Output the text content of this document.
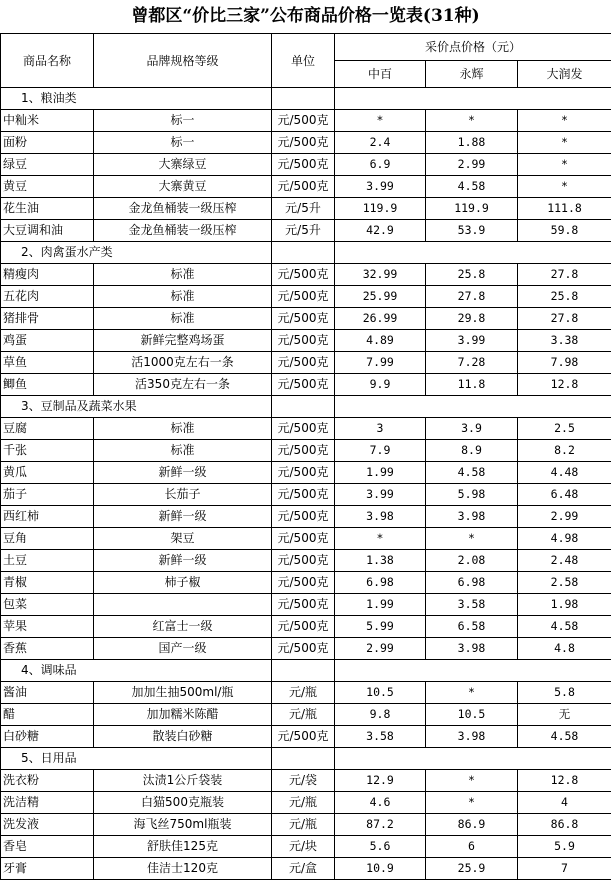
曾都区“价比三家”公布商品价格一览表(31种)
商品名称	品牌规格等级	单位	采价点价格（元）		
			中百	永辉	大润发
1、粮油类					
中籼米	标一	元/500克	*	*	*
面粉	标一	元/500克	2.4	1.88	*
绿豆	大寨绿豆	元/500克	6.9	2.99	*
黄豆	大寨黄豆	元/500克	3.99	4.58	*
花生油	金龙鱼桶装一级压榨	元/5升	119.9	119.9	111.8
大豆调和油	金龙鱼桶装一级压榨	元/5升	42.9	53.9	59.8
2、肉禽蛋水产类					
精瘦肉	标准	元/500克	32.99	25.8	27.8
五花肉	标准	元/500克	25.99	27.8	25.8
猪排骨	标准	元/500克	26.99	29.8	27.8
鸡蛋	新鲜完整鸡场蛋	元/500克	4.89	3.99	3.38
草鱼	活1000克左右一条	元/500克	7.99	7.28	7.98
鲫鱼	活350克左右一条	元/500克	9.9	11.8	12.8
3、豆制品及蔬菜水果					
豆腐	标准	元/500克	3	3.9	2.5
千张	标准	元/500克	7.9	8.9	8.2
黄瓜	新鲜一级	元/500克	1.99	4.58	4.48
茄子	长茄子	元/500克	3.99	5.98	6.48
西红柿	新鲜一级	元/500克	3.98	3.98	2.99
豆角	架豆	元/500克	*	*	4.98
土豆	新鲜一级	元/500克	1.38	2.08	2.48
青椒	柿子椒	元/500克	6.98	6.98	2.58
包菜		元/500克	1.99	3.58	1.98
苹果	红富士一级	元/500克	5.99	6.58	4.58
香蕉	国产一级	元/500克	2.99	3.98	4.8
4、调味品					
酱油	加加生抽500ml/瓶	元/瓶	10.5	*	5.8
醋	加加糯米陈醋	元/瓶	9.8	10.5	无
白砂糖	散装白砂糖	元/500克	3.58	3.98	4.58
5、日用品					
洗衣粉	汰渍1公斤袋装	元/袋	12.9	*	12.8
洗洁精	白猫500克瓶装	元/瓶	4.6	*	4
洗发液	海飞丝750ml瓶装	元/瓶	87.2	86.9	86.8
香皂	舒肤佳125克	元/块	5.6	6	5.9
牙膏	佳洁士120克	元/盒	10.9	25.9	7
